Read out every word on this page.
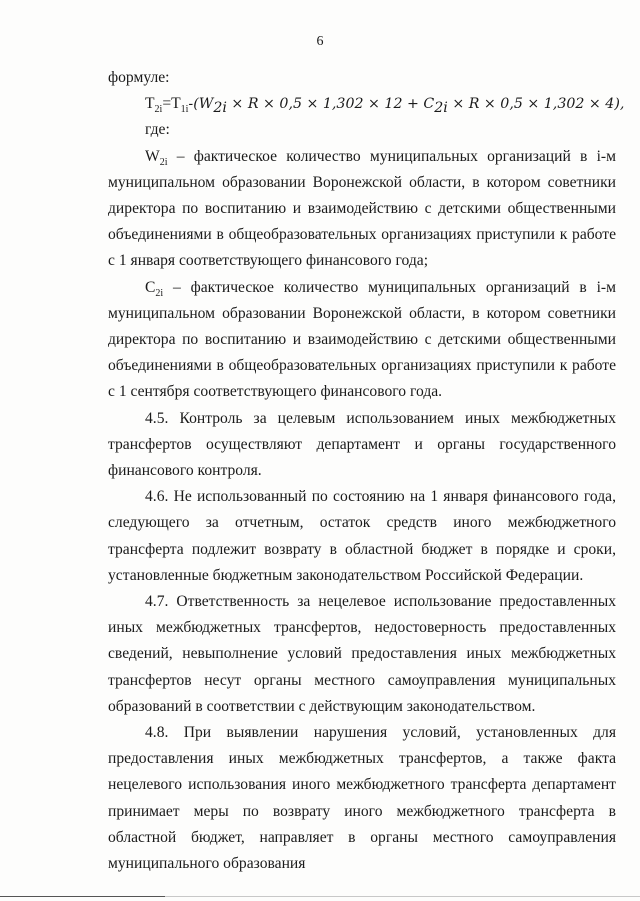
6

формуле:

$T_{2i}=T_{1i}-(W_{2i} \times R \times 0,5 \times 1,302 \times 12 + C_{2i} \times R \times 0,5 \times 1,302 \times 4)$,

где:

$W_{2i}$ – фактическое количество муниципальных организаций в i-м муниципальном образовании Воронежской области, в котором советники директора по воспитанию и взаимодействию с детскими общественными объединениями в общеобразовательных организациях приступили к работе с 1 января соответствующего финансового года;

$C_{2i}$ – фактическое количество муниципальных организаций в i-м муниципальном образовании Воронежской области, в котором советники директора по воспитанию и взаимодействию с детскими общественными объединениями в общеобразовательных организациях приступили к работе с 1 сентября соответствующего финансового года.

4.5. Контроль за целевым использованием иных межбюджетных трансфертов осуществляют департамент и органы государственного финансового контроля.

4.6. Не использованный по состоянию на 1 января финансового года, следующего за отчетным, остаток средств иного межбюджетного трансферта подлежит возврату в областной бюджет в порядке и сроки, установленные бюджетным законодательством Российской Федерации.

4.7. Ответственность за нецелевое использование предоставленных иных межбюджетных трансфертов, недостоверность предоставленных сведений, невыполнение условий предоставления иных межбюджетных трансфертов несут органы местного самоуправления муниципальных образований в соответствии с действующим законодательством.

4.8. При выявлении нарушения условий, установленных для предоставления иных межбюджетных трансфертов, а также факта нецелевого использования иного межбюджетного трансферта департамент принимает меры по возврату иного межбюджетного трансферта в областной бюджет, направляет в органы местного самоуправления муниципального образования
